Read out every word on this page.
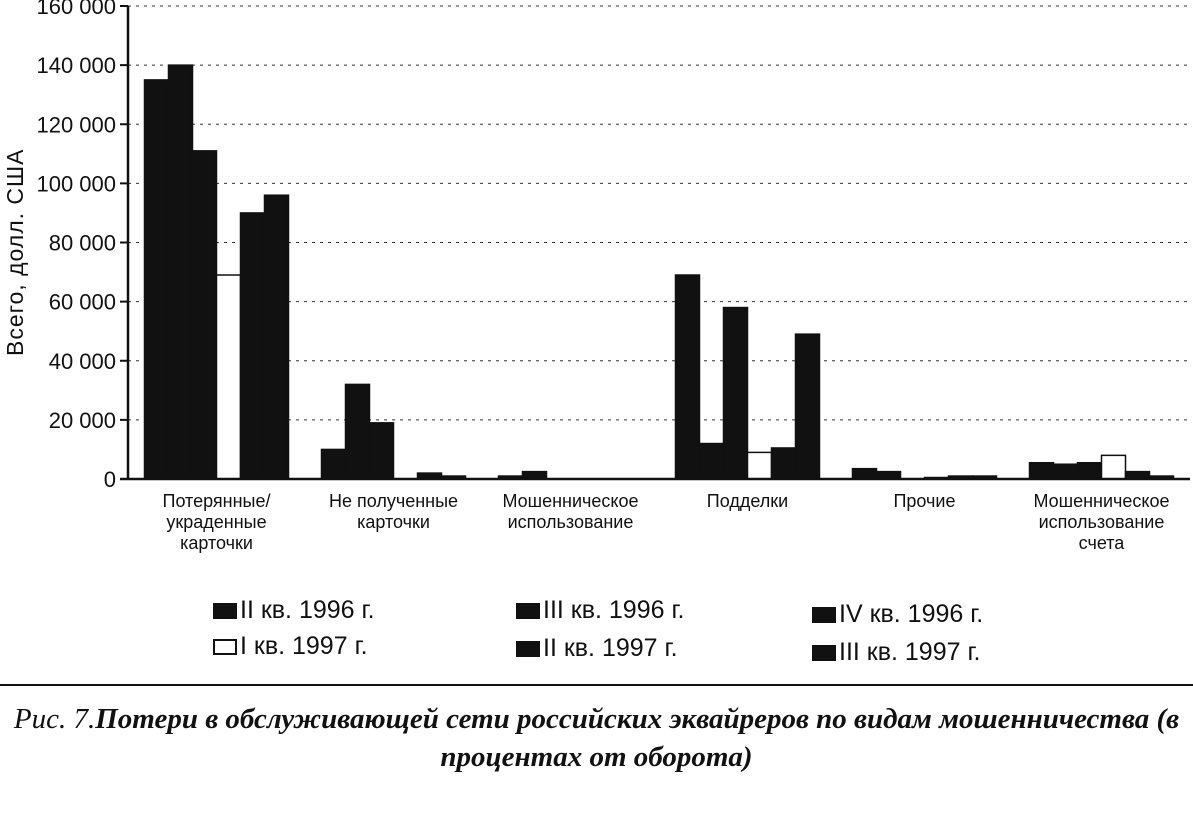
0
20 000
40 000
60 000
80 000
100 000
120 000
140 000
160 000
Потерянные/
украденные
карточки
Не полученные
карточки
Мошенническое
использование
Подделки	Прочие	Мошенническое
использование
счета
Всего, долл. США
II кв. 1996 г.	III кв. 1996 г.	IV кв. 1996 г.
I кв. 1997 г.	II кв. 1997 г.	III кв. 1997 г.
Рис. 7.Потери в обслуживающей сети российских эквайреров по видам мошенничества (в процентах от оборота)
